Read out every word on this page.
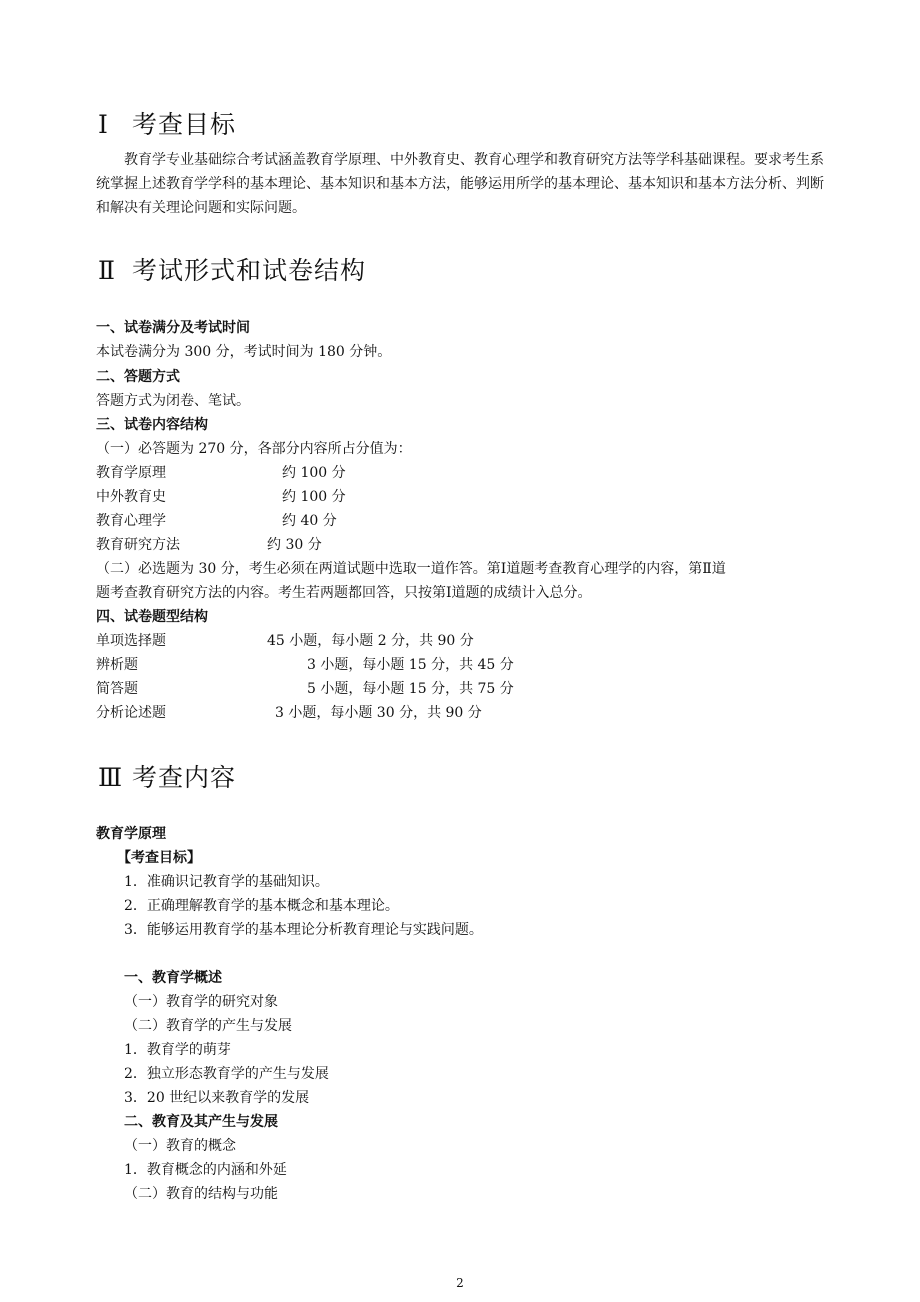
Ⅰ 考查目标
教育学专业基础综合考试涵盖教育学原理、中外教育史、教育心理学和教育研究方法等学科基础课程。要求考生系统掌握上述教育学学科的基本理论、基本知识和基本方法，能够运用所学的基本理论、基本知识和基本方法分析、判断和解决有关理论问题和实际问题。
Ⅱ 考试形式和试卷结构
一、试卷满分及考试时间
本试卷满分为 300 分，考试时间为 180 分钟。
二、答题方式
答题方式为闭卷、笔试。
三、试卷内容结构
（一）必答题为 270 分，各部分内容所占分值为：
教育学原理	约 100 分
中外教育史	约 100 分
教育心理学	约 40 分
教育研究方法	约 30 分
（二）必选题为 30 分，考生必须在两道试题中选取一道作答。第Ⅰ道题考查教育心理学的内容，第Ⅱ道
题考查教育研究方法的内容。考生若两题都回答，只按第Ⅰ道题的成绩计入总分。
四、试卷题型结构
单项选择题	45 小题，每小题 2 分，共 90 分
辨析题	3 小题，每小题 15 分，共 45 分
简答题	5 小题，每小题 15 分，共 75 分
分析论述题	3 小题，每小题 30 分，共 90 分
Ⅲ 考查内容
教育学原理
【考查目标】
1．准确识记教育学的基础知识。
2．正确理解教育学的基本概念和基本理论。
3．能够运用教育学的基本理论分析教育理论与实践问题。
一、教育学概述
（一）教育学的研究对象
（二）教育学的产生与发展
1．教育学的萌芽
2．独立形态教育学的产生与发展
3．20 世纪以来教育学的发展
二、教育及其产生与发展
（一）教育的概念
1．教育概念的内涵和外延
（二）教育的结构与功能
2
